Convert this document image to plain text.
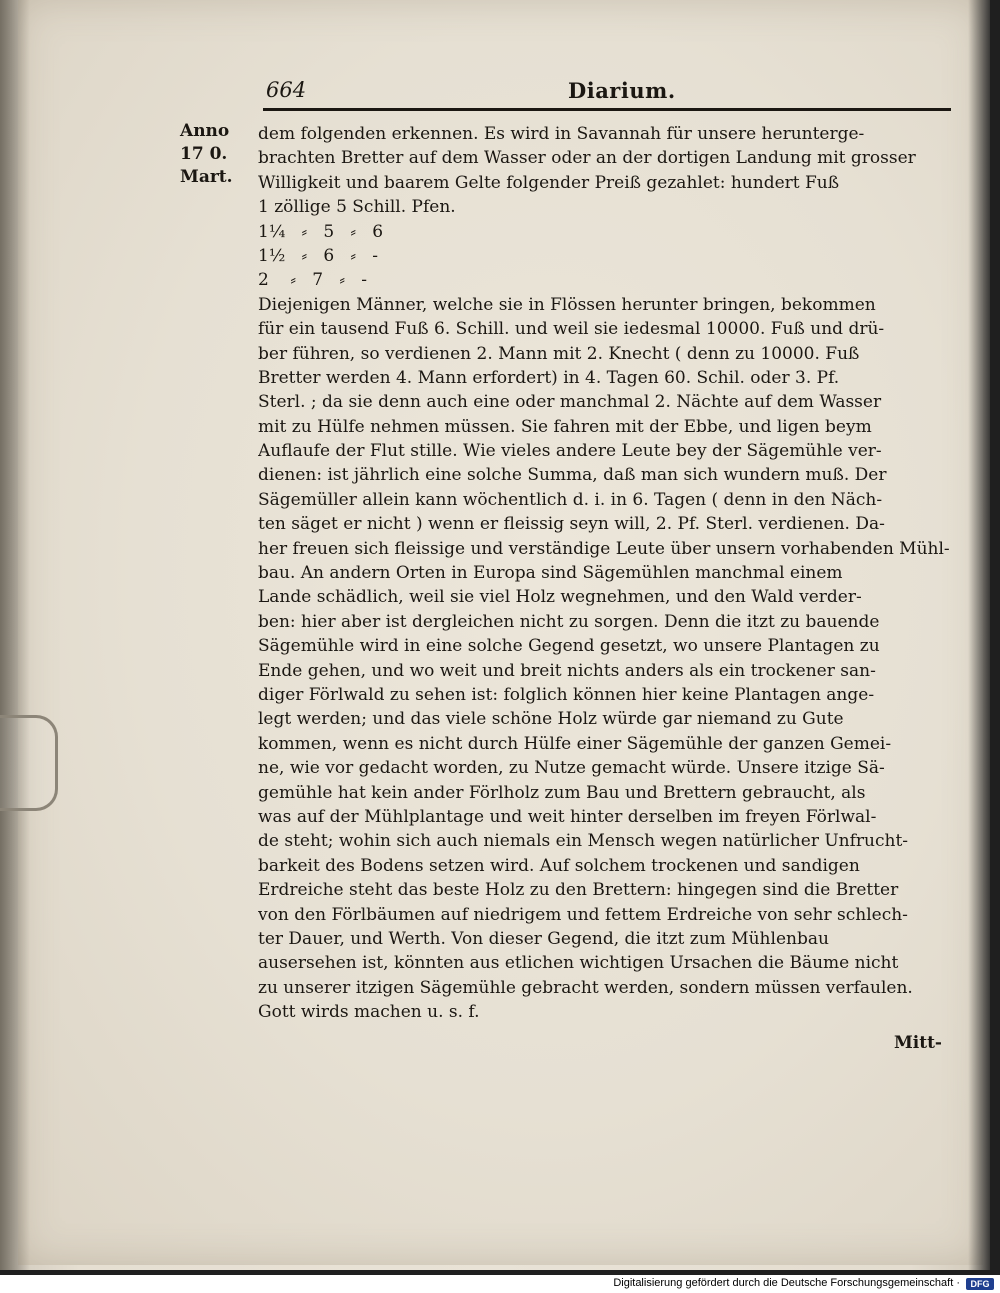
664	Diarium.
Anno
17 0.
Mart.
dem folgenden erkennen. Es wird in Savannah für unsere herunterge-
brachten Bretter auf dem Wasser oder an der dortigen Landung mit grosser
Willigkeit und baarem Gelte folgender Preiß gezahlet: hundert Fuß
1 zöllige 5 Schill. Pfen.
1¼   ⸗   5   ⸗   6
1½   ⸗   6   ⸗   -
2    ⸗   7   ⸗   -
Diejenigen Männer, welche sie in Flössen herunter bringen, bekommen
für ein tausend Fuß 6. Schill. und weil sie iedesmal 10000. Fuß und drü-
ber führen, so verdienen 2. Mann mit 2. Knecht ( denn zu 10000. Fuß
Bretter werden 4. Mann erfordert) in 4. Tagen 60. Schil. oder 3. Pf.
Sterl. ; da sie denn auch eine oder manchmal 2. Nächte auf dem Wasser
mit zu Hülfe nehmen müssen. Sie fahren mit der Ebbe, und ligen beym
Auflaufe der Flut stille. Wie vieles andere Leute bey der Sägemühle ver-
dienen: ist jährlich eine solche Summa, daß man sich wundern muß. Der
Sägemüller allein kann wöchentlich d. i. in 6. Tagen ( denn in den Näch-
ten säget er nicht ) wenn er fleissig seyn will, 2. Pf. Sterl. verdienen. Da-
her freuen sich fleissige und verständige Leute über unsern vorhabenden Mühl-
bau. An andern Orten in Europa sind Sägemühlen manchmal einem
Lande schädlich, weil sie viel Holz wegnehmen, und den Wald verder-
ben: hier aber ist dergleichen nicht zu sorgen. Denn die itzt zu bauende
Sägemühle wird in eine solche Gegend gesetzt, wo unsere Plantagen zu
Ende gehen, und wo weit und breit nichts anders als ein trockener san-
diger Förlwald zu sehen ist: folglich können hier keine Plantagen ange-
legt werden; und das viele schöne Holz würde gar niemand zu Gute
kommen, wenn es nicht durch Hülfe einer Sägemühle der ganzen Gemei-
ne, wie vor gedacht worden, zu Nutze gemacht würde. Unsere itzige Sä-
gemühle hat kein ander Förlholz zum Bau und Brettern gebraucht, als
was auf der Mühlplantage und weit hinter derselben im freyen Förlwal-
de steht; wohin sich auch niemals ein Mensch wegen natürlicher Unfrucht-
barkeit des Bodens setzen wird. Auf solchem trockenen und sandigen
Erdreiche steht das beste Holz zu den Brettern: hingegen sind die Bretter
von den Förlbäumen auf niedrigem und fettem Erdreiche von sehr schlech-
ter Dauer, und Werth. Von dieser Gegend, die itzt zum Mühlenbau
ausersehen ist, könnten aus etlichen wichtigen Ursachen die Bäume nicht
zu unserer itzigen Sägemühle gebracht werden, sondern müssen verfaulen.
Gott wirds machen u. s. f.
Mitt-
Digitalisierung gefördert durch die Deutsche Forschungsgemeinschaft ·	DFG
